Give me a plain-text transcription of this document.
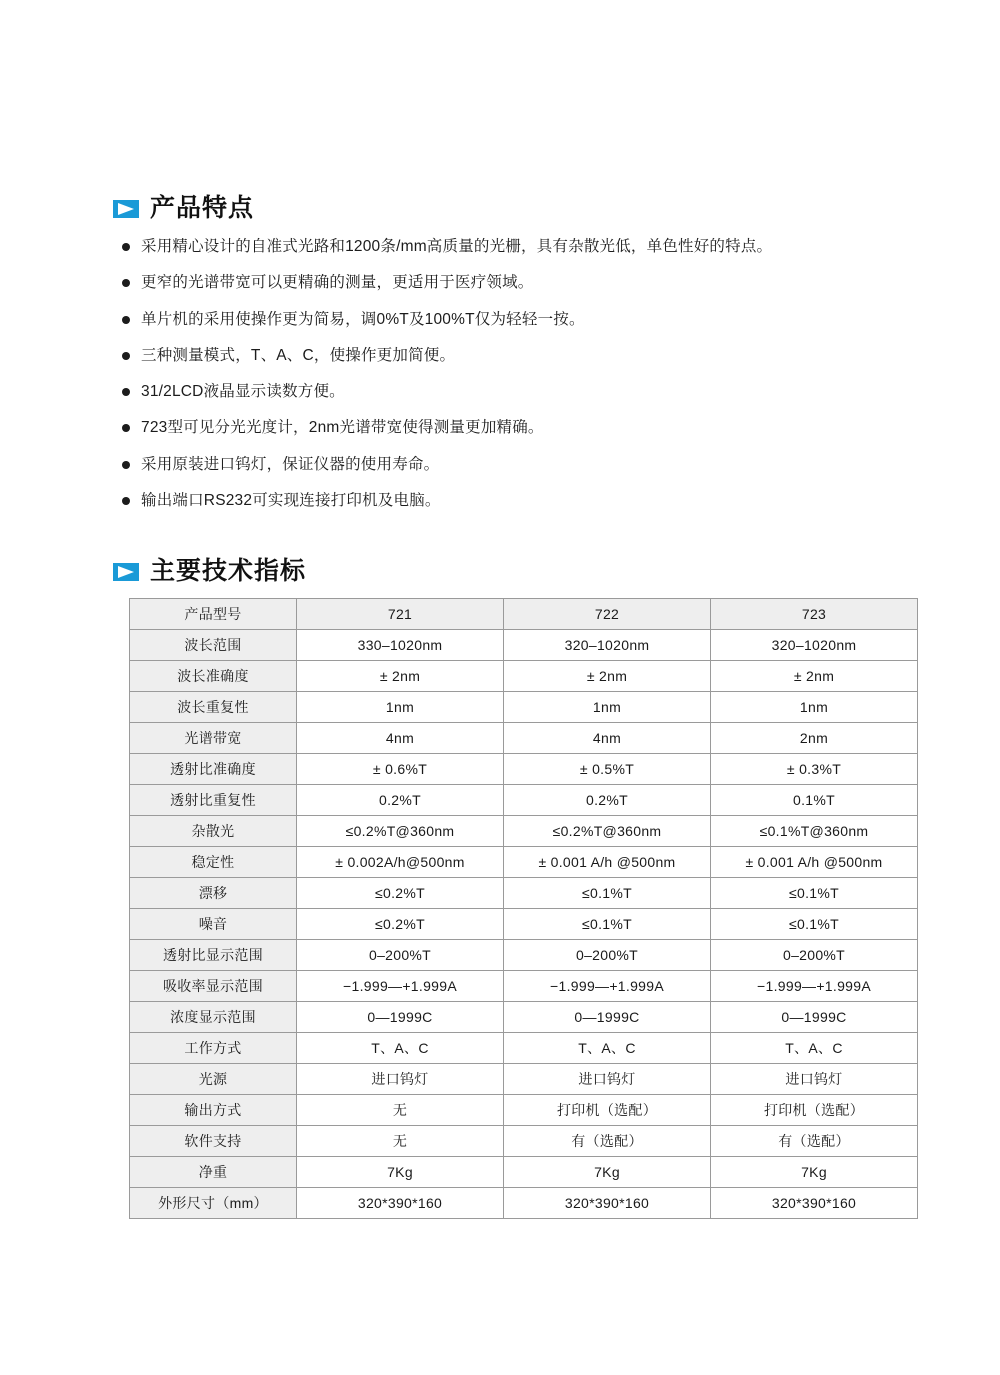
产品特点
采用精心设计的自准式光路和1200条/mm高质量的光栅，具有杂散光低，单色性好的特点。
更窄的光谱带宽可以更精确的测量，更适用于医疗领域。
单片机的采用使操作更为简易，调0%T及100%T仅为轻轻一按。
三种测量模式，T、A、C，使操作更加简便。
31/2LCD液晶显示读数方便。
723型可见分光光度计，2nm光谱带宽使得测量更加精确。
采用原装进口钨灯，保证仪器的使用寿命。
输出端口RS232可实现连接打印机及电脑。
主要技术指标
产品型号	721	722	723
波长范围	330–1020nm	320–1020nm	320–1020nm
波长准确度	± 2nm	± 2nm	± 2nm
波长重复性	1nm	1nm	1nm
光谱带宽	4nm	4nm	2nm
透射比准确度	± 0.6%T	± 0.5%T	± 0.3%T
透射比重复性	0.2%T	0.2%T	0.1%T
杂散光	≤0.2%T@360nm	≤0.2%T@360nm	≤0.1%T@360nm
稳定性	± 0.002A/h@500nm	± 0.001 A/h @500nm	± 0.001 A/h @500nm
漂移	≤0.2%T	≤0.1%T	≤0.1%T
噪音	≤0.2%T	≤0.1%T	≤0.1%T
透射比显示范围	0–200%T	0–200%T	0–200%T
吸收率显示范围	−1.999—+1.999A	−1.999—+1.999A	−1.999—+1.999A
浓度显示范围	0—1999C	0—1999C	0—1999C
工作方式	T、A、C	T、A、C	T、A、C
光源	进口钨灯	进口钨灯	进口钨灯
输出方式	无	打印机（选配）	打印机（选配）
软件支持	无	有（选配）	有（选配）
净重	7Kg	7Kg	7Kg
外形尺寸（mm）	320*390*160	320*390*160	320*390*160
